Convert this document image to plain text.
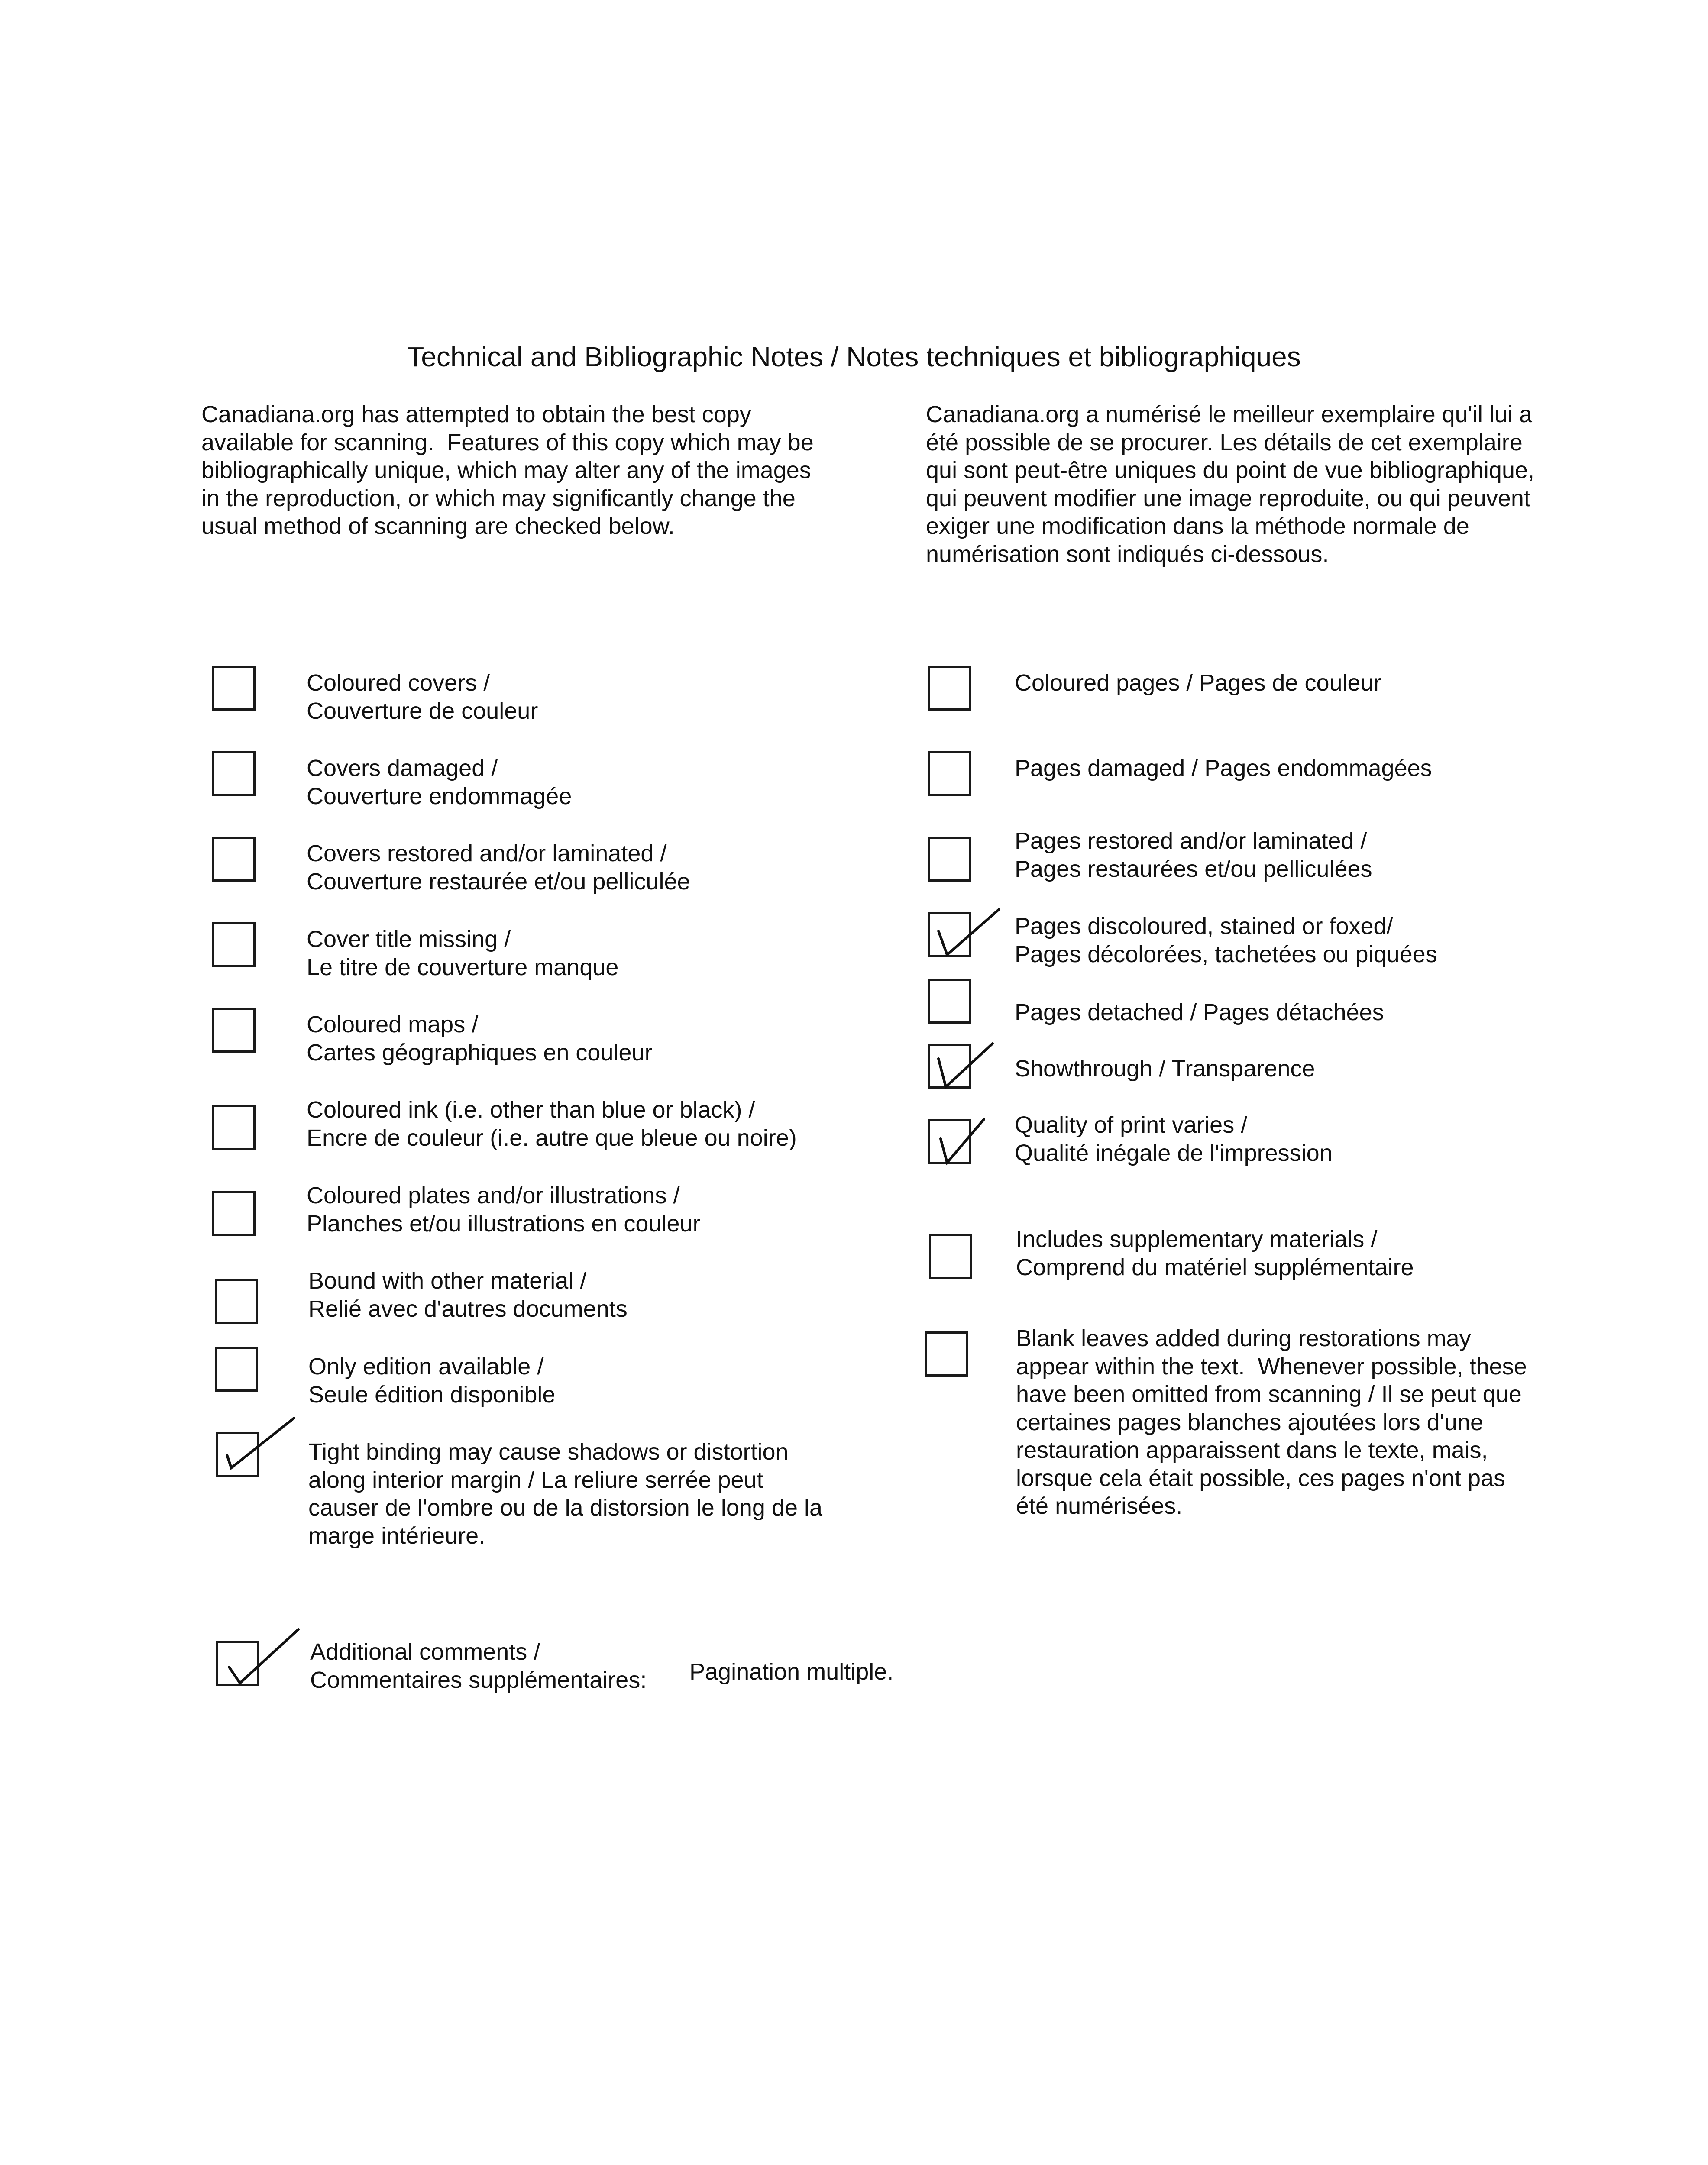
Technical and Bibliographic Notes / Notes techniques et bibliographiques

Canadiana.org has attempted to obtain the best copy
available for scanning.  Features of this copy which may be
bibliographically unique, which may alter any of the images
in the reproduction, or which may significantly change the
usual method of scanning are checked below.

Canadiana.org a numérisé le meilleur exemplaire qu'il lui a
été possible de se procurer. Les détails de cet exemplaire
qui sont peut-être uniques du point de vue bibliographique,
qui peuvent modifier une image reproduite, ou qui peuvent
exiger une modification dans la méthode normale de
numérisation sont indiqués ci-dessous.

Coloured covers /
Couverture de couleur
Covers damaged /
Couverture endommagée
Covers restored and/or laminated /
Couverture restaurée et/ou pelliculée
Cover title missing /
Le titre de couverture manque
Coloured maps /
Cartes géographiques en couleur
Coloured ink (i.e. other than blue or black) /
Encre de couleur (i.e. autre que bleue ou noire)
Coloured plates and/or illustrations /
Planches et/ou illustrations en couleur
Bound with other material /
Relié avec d'autres documents
Only edition available /
Seule édition disponible
Tight binding may cause shadows or distortion
along interior margin / La reliure serrée peut
causer de l'ombre ou de la distorsion le long de la
marge intérieure.
Coloured pages / Pages de couleur
Pages damaged / Pages endommagées
Pages restored and/or laminated /
Pages restaurées et/ou pelliculées
Pages discoloured, stained or foxed/
Pages décolorées, tachetées ou piquées
Pages detached / Pages détachées
Showthrough / Transparence
Quality of print varies /
Qualité inégale de l'impression
Includes supplementary materials /
Comprend du matériel supplémentaire
Blank leaves added during restorations may
appear within the text.  Whenever possible, these
have been omitted from scanning / Il se peut que
certaines pages blanches ajoutées lors d'une
restauration apparaissent dans le texte, mais,
lorsque cela était possible, ces pages n'ont pas
été numérisées.
Additional comments /
Commentaires supplémentaires: Pagination multiple.
